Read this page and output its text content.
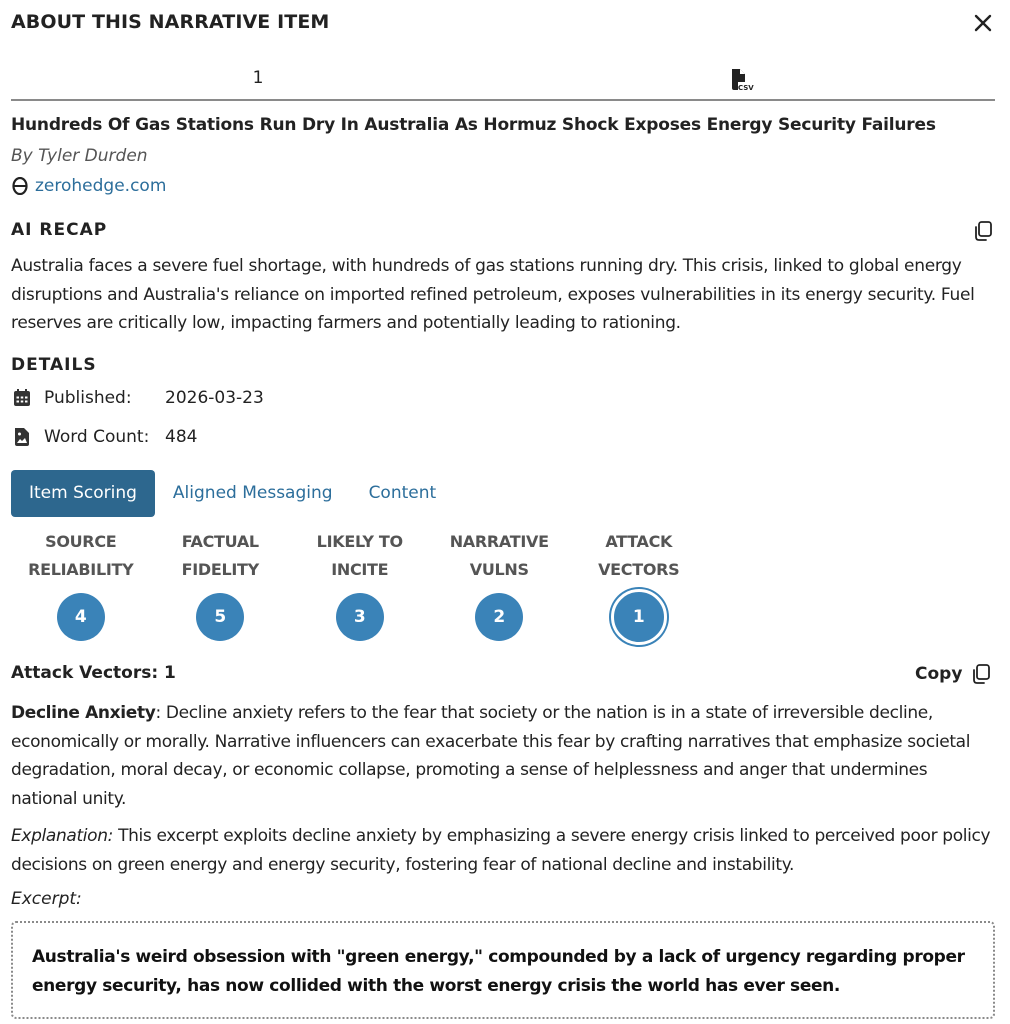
ABOUT THIS NARRATIVE ITEM
1	CSV
Hundreds Of Gas Stations Run Dry In Australia As Hormuz Shock Exposes Energy Security Failures
By Tyler Durden
zerohedge.com
AI RECAP
Australia faces a severe fuel shortage, with hundreds of gas stations running dry. This crisis, linked to global energy disruptions and Australia's reliance on imported refined petroleum, exposes vulnerabilities in its energy security. Fuel reserves are critically low, impacting farmers and potentially leading to rationing.
DETAILS
Published:	2026-03-23
Word Count: 484
Item Scoring	Aligned Messaging	Content
SOURCE
RELIABILITY
4
FACTUAL
FIDELITY
5
LIKELY TO
INCITE
3
NARRATIVE
VULNS
2
ATTACK
VECTORS
1
Attack Vectors: 1	Copy
Decline Anxiety: Decline anxiety refers to the fear that society or the nation is in a state of irreversible decline, economically or morally. Narrative influencers can exacerbate this fear by crafting narratives that emphasize societal degradation, moral decay, or economic collapse, promoting a sense of helplessness and anger that undermines national unity.
Explanation: This excerpt exploits decline anxiety by emphasizing a severe energy crisis linked to perceived poor policy decisions on green energy and energy security, fostering fear of national decline and instability.
Excerpt:
Australia's weird obsession with "green energy," compounded by a lack of urgency regarding proper energy security, has now collided with the worst energy crisis the world has ever seen.
